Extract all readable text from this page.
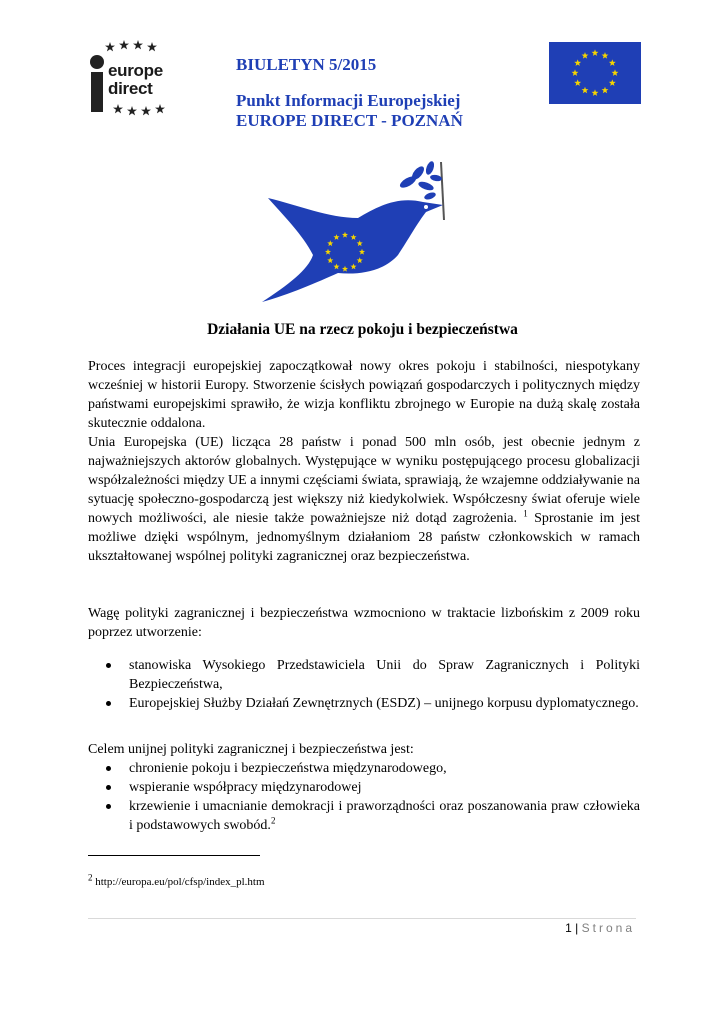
europe
direct
BIULETYN 5/2015
Punkt Informacji Europejskiej
EUROPE DIRECT - POZNAŃ
Działania UE na rzecz pokoju i bezpieczeństwa

Proces integracji europejskiej zapoczątkował nowy okres pokoju i stabilności, niespotykany wcześniej w historii Europy. Stworzenie ścisłych powiązań gospodarczych i politycznych między państwami europejskimi sprawiło, że wizja konfliktu zbrojnego w Europie na dużą skalę została skutecznie oddalona.

Unia Europejska (UE) licząca 28 państw i ponad 500 mln osób, jest obecnie jednym z najważniejszych aktorów globalnych. Występujące w wyniku postępującego procesu globalizacji współzależności między UE a innymi częściami świata, sprawiają, że wzajemne oddziaływanie na sytuację społeczno-gospodarczą jest większy niż kiedykolwiek. Współczesny świat oferuje wiele nowych możliwości, ale niesie także poważniejsze niż dotąd zagrożenia. $^1$ Sprostanie im jest możliwe dzięki wspólnym, jednomyślnym działaniom 28 państw członkowskich w ramach ukształtowanej wspólnej polityki zagranicznej oraz bezpieczeństwa.

Wagę polityki zagranicznej i bezpieczeństwa wzmocniono w traktacie lizbońskim z 2009 roku poprzez utworzenie:
stanowiska Wysokiego Przedstawiciela Unii do Spraw Zagranicznych i Polityki Bezpieczeństwa,
Europejskiej Służby Działań Zewnętrznych (ESDZ) – unijnego korpusu dyplomatycznego.
Celem unijnej polityki zagranicznej i bezpieczeństwa jest:
chronienie pokoju i bezpieczeństwa międzynarodowego,
wspieranie współpracy międzynarodowej
krzewienie i umacnianie demokracji i praworządności oraz poszanowania praw człowieka i podstawowych swobód.$^2$
$^2$ http://europa.eu/pol/cfsp/index_pl.htm
1 | Strona
